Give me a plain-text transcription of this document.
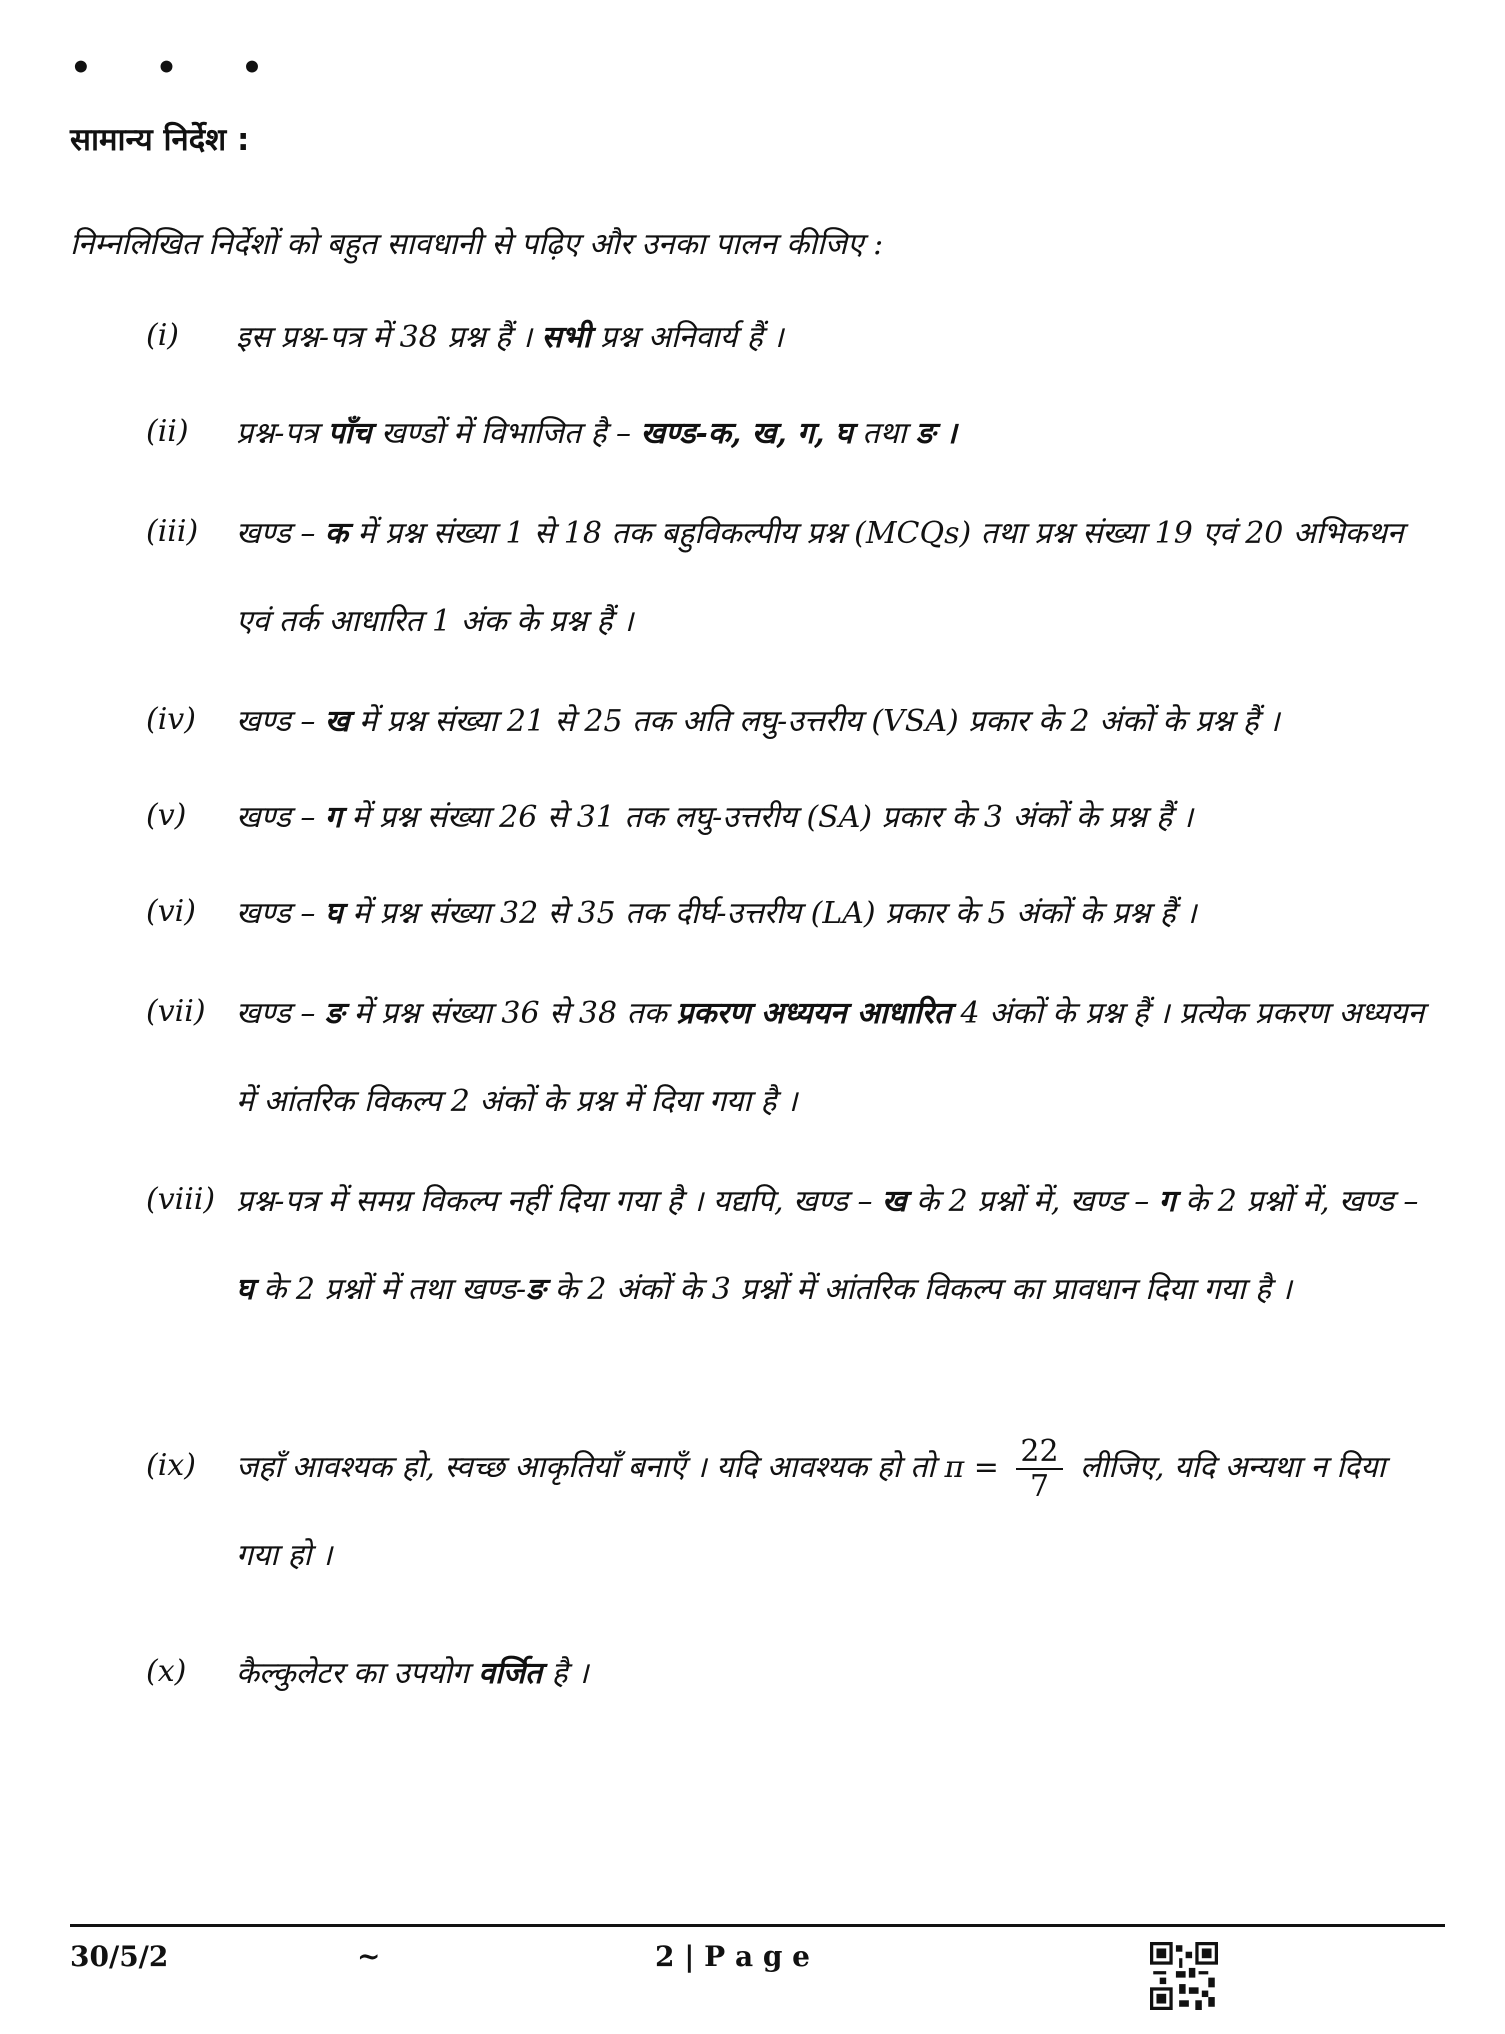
• • •
सामान्य निर्देश :
निम्नलिखित निर्देशों को बहुत सावधानी से पढ़िए और उनका पालन कीजिए :
(i) इस प्रश्न-पत्र में 38 प्रश्न हैं । सभी प्रश्न अनिवार्य हैं ।
(ii) प्रश्न-पत्र पाँच खण्डों में विभाजित है – खण्ड-क, ख, ग, घ तथा ङ ।
(iii) खण्ड – क में प्रश्न संख्या 1 से 18 तक बहुविकल्पीय प्रश्न (MCQs) तथा प्रश्न संख्या 19 एवं 20 अभिकथन एवं तर्क आधारित 1 अंक के प्रश्न हैं ।
(iv) खण्ड – ख में प्रश्न संख्या 21 से 25 तक अति लघु-उत्तरीय (VSA) प्रकार के 2 अंकों के प्रश्न हैं ।
(v) खण्ड – ग में प्रश्न संख्या 26 से 31 तक लघु-उत्तरीय (SA) प्रकार के 3 अंकों के प्रश्न हैं ।
(vi) खण्ड – घ में प्रश्न संख्या 32 से 35 तक दीर्घ-उत्तरीय (LA) प्रकार के 5 अंकों के प्रश्न हैं ।
(vii) खण्ड – ङ में प्रश्न संख्या 36 से 38 तक प्रकरण अध्ययन आधारित 4 अंकों के प्रश्न हैं । प्रत्येक प्रकरण अध्ययन में आंतरिक विकल्प 2 अंकों के प्रश्न में दिया गया है ।
(viii) प्रश्न-पत्र में समग्र विकल्प नहीं दिया गया है । यद्यपि, खण्ड – ख के 2 प्रश्नों में, खण्ड – ग के 2 प्रश्नों में, खण्ड – घ के 2 प्रश्नों में तथा खण्ड-ङ के 2 अंकों के 3 प्रश्नों में आंतरिक विकल्प का प्रावधान दिया गया है ।
(ix) जहाँ आवश्यक हो, स्वच्छ आकृतियाँ बनाएँ । यदि आवश्यक हो तो $\pi = \frac{22}{7}$ लीजिए, यदि अन्यथा न दिया गया हो ।
(x) कैल्कुलेटर का उपयोग वर्जित है ।
30/5/2	~	2 | P a g e
